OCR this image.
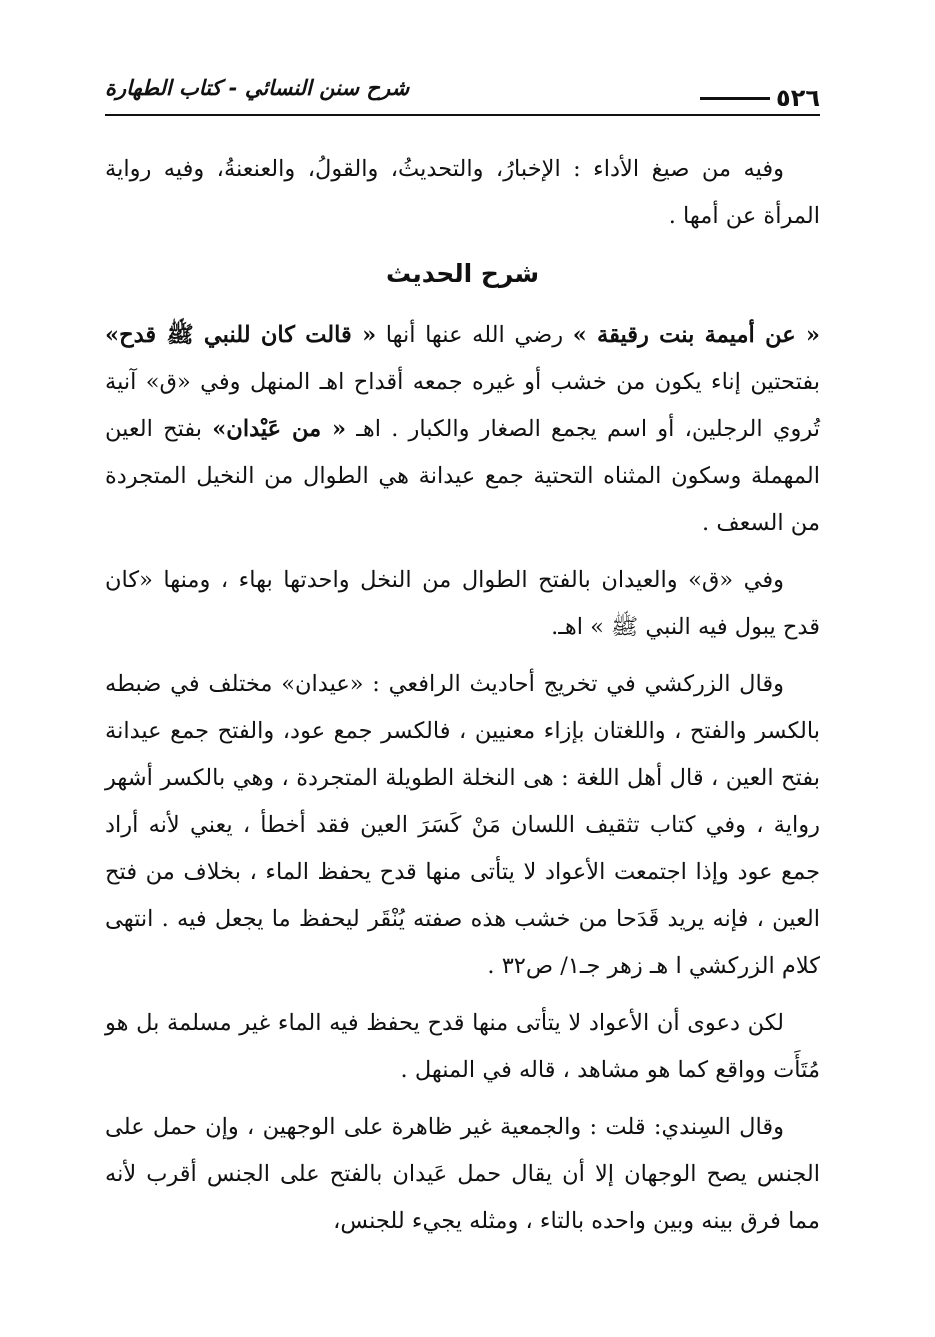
٥٢٦
شرح سنن النسائي - كتاب الطهارة

وفيه من صيغ الأداء : الإخبارُ، والتحديثُ، والقولُ، والعنعنةُ، وفيه رواية المرأة عن أمها .

شرح الحديث

« عن أميمة بنت رقيقة » رضي الله عنها أنها « قالت كان للنبي ﷺ قدح» بفتحتين إناء يكون من خشب أو غيره جمعه أقداح اهـ المنهل وفي «ق» آنية تُروي الرجلين، أو اسم يجمع الصغار والكبار . اهـ « من عَيْدان» بفتح العين المهملة وسكون المثناه التحتية جمع عيدانة هي الطوال من النخيل المتجردة من السعف .

وفي «ق» والعيدان بالفتح الطوال من النخل واحدتها بهاء ، ومنها «كان قدح يبول فيه النبي ﷺ » اهـ.

وقال الزركشي في تخريج أحاديث الرافعي : «عيدان» مختلف في ضبطه بالكسر والفتح ، واللغتان بإزاء معنيين ، فالكسر جمع عود، والفتح جمع عيدانة بفتح العين ، قال أهل اللغة : هى النخلة الطويلة المتجردة ، وهي بالكسر أشهر رواية ، وفي كتاب تثقيف اللسان مَنْ كَسَرَ العين فقد أخطأ ، يعني لأنه أراد جمع عود وإذا اجتمعت الأعواد لا يتأتى منها قدح يحفظ الماء ، بخلاف من فتح العين ، فإنه يريد قَدَحا من خشب هذه صفته يُنْقَر ليحفظ ما يجعل فيه . انتهى كلام الزركشي ا هـ زهر جـ١/ ص٣٢ .

لكن دعوى أن الأعواد لا يتأتى منها قدح يحفظ فيه الماء غير مسلمة بل هو مُتَأَت وواقع كما هو مشاهد ، قاله في المنهل .

وقال السِندي: قلت : والجمعية غير ظاهرة على الوجهين ، وإن حمل على الجنس يصح الوجهان إلا أن يقال حمل عَيدان بالفتح على الجنس أقرب لأنه مما فرق بينه وبين واحده بالتاء ، ومثله يجيء للجنس،
